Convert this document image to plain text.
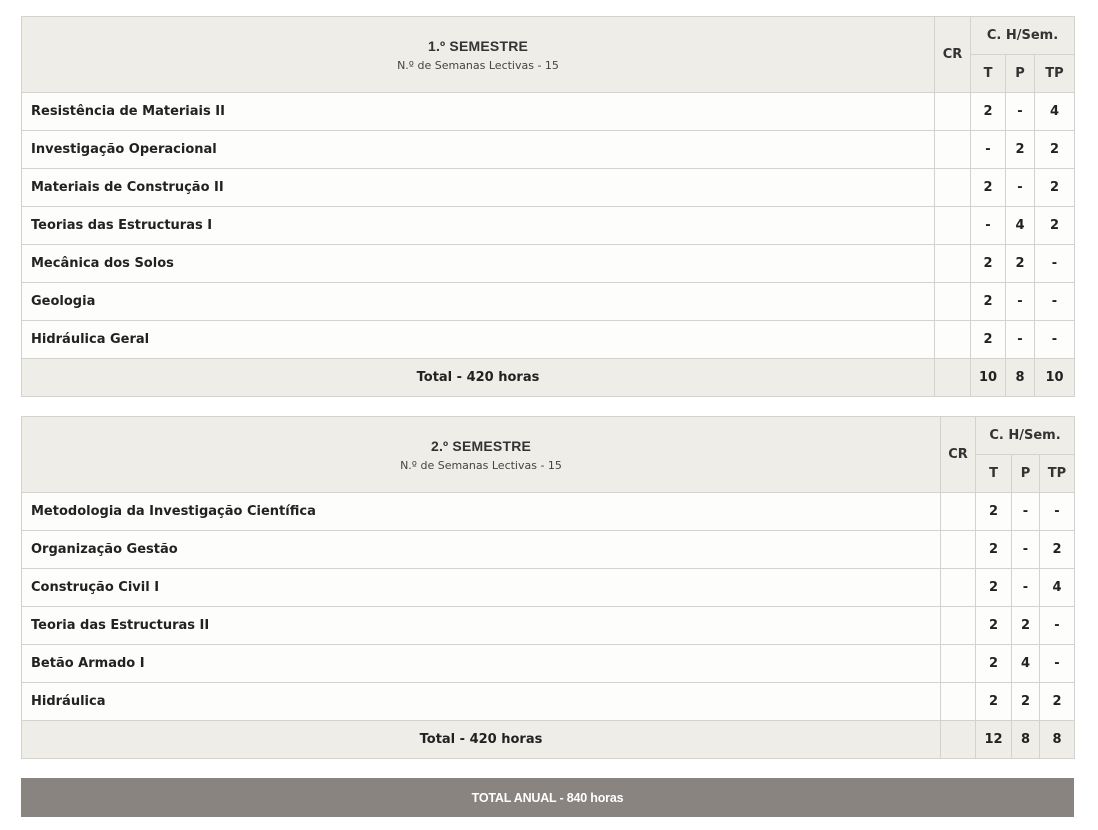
1.º SEMESTRE
N.º de Semanas Lectivas - 15	CR	C. H/Sem.		
		T	P	TP
Resistência de Materiais II		2	-	4
Investigação Operacional		-	2	2
Materiais de Construção II		2	-	2
Teorias das Estructuras I		-	4	2
Mecânica dos Solos		2	2	-
Geologia		2	-	-
Hidráulica Geral		2	-	-
Total - 420 horas		10	8	10
2.º SEMESTRE
N.º de Semanas Lectivas - 15	CR	C. H/Sem.		
		T	P	TP
Metodologia da Investigação Científica		2	-	-
Organização Gestão		2	-	2
Construção Civil I		2	-	4
Teoria das Estructuras II		2	2	-
Betão Armado I		2	4	-
Hidráulica		2	2	2
Total - 420 horas		12	8	8
TOTAL ANUAL - 840 horas
